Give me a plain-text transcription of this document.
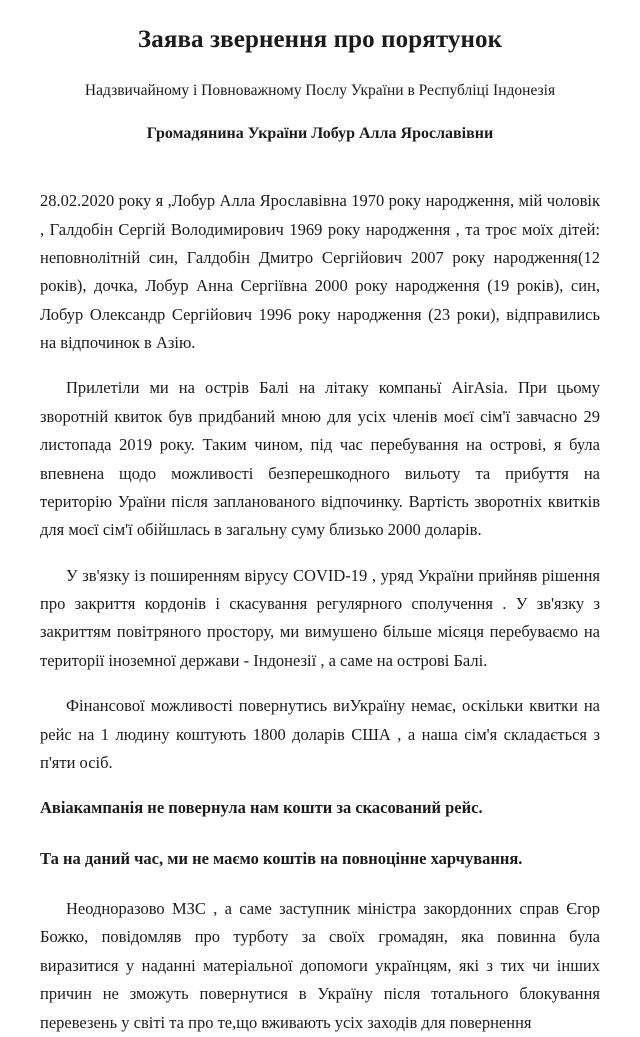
Заява звернення про порятунок
Надзвичайному і Повноважному Послу України в Республіці Індонезія
Громадянина України Лобур Алла Ярославівни

28.02.2020 року я ,Лобур Алла Ярославівна 1970 року народження, мій чоловік , Галдобін Сергій Володимирович 1969 року народження , та троє моїх дітей: неповнолітній син, Галдобін Дмитро Сергійович 2007 року народження(12 років), дочка, Лобур Анна Сергіївна 2000 року народження (19 років), син, Лобур Олександр Сергійович 1996 року народження (23 роки), відправились на відпочинок в Азію.

Прилетіли ми на острів Балі на літаку компаньї AirAsia. При цьому зворотній квиток був придбаний мною для усіх членів моєї сім'ї завчасно 29 листопада 2019 року. Таким чином, під час перебування на острові, я була впевнена щодо можливості безперешкодного вильоту та прибуття на територію Ураїни після запланованого відпочинку. Вартість зворотніх квитків для моєї сім'ї обійшлась в загальну суму близько 2000 доларів.

У зв'язку із поширенням вірусу COVID-19 , уряд України прийняв рішення про закриття кордонів і скасування регулярного сполучення . У зв'язку з закриттям повітряного простору, ми вимушено більше місяця перебуваємо на території іноземної держави - Індонезії , а саме на острові Балі.

Фінансової можливості повернутись виУкраїну немає, оскільки квитки на рейс на 1 людину коштують 1800 доларів США , а наша сім'я складається з п'яти осіб.

Авіакампанія не повернула нам кошти за скасований рейс.

Та на даний час, ми не маємо коштів на повноцінне харчування.

Неодноразово МЗС , а саме заступник міністра закордонних справ Єгор Божко, повідомляв про турботу за своїх громадян, яка повинна була виразитися у наданні матеріальної допомоги українцям, які з тих чи інших причин не зможуть повернутися в Україну після тотального блокування перевезень у світі та про те,що вживають усіх заходів для повернення
